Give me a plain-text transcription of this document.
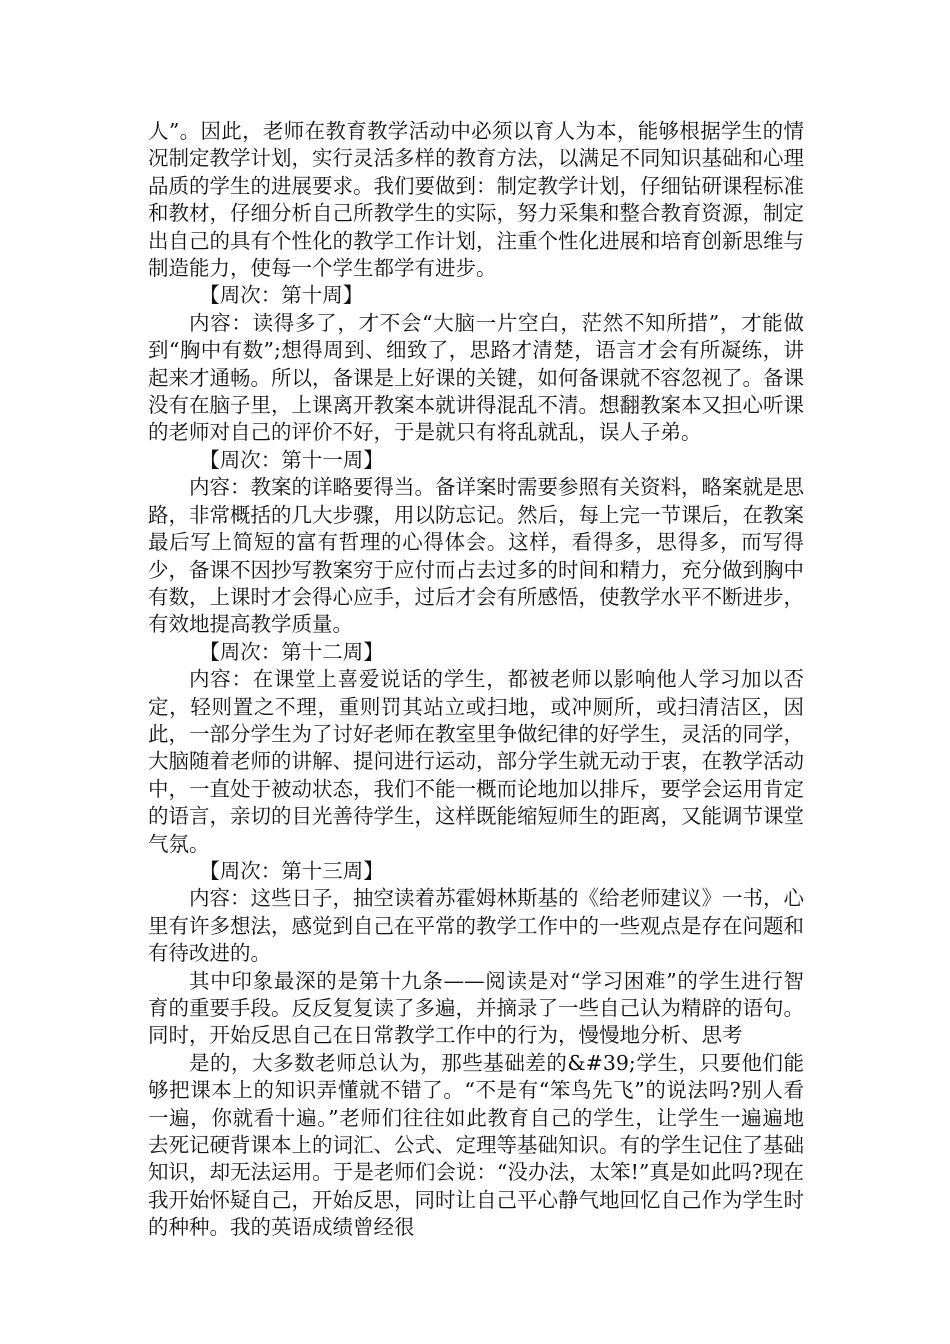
人”。因此，老师在教育教学活动中必须以育人为本，能够根据学生的情况制定教学计划，实行灵活多样的教育方法，以满足不同知识基础和心理品质的学生的进展要求。我们要做到：制定教学计划，仔细钻研课程标准和教材，仔细分析自己所教学生的实际，努力采集和整合教育资源，制定出自己的具有个性化的教学工作计划，注重个性化进展和培育创新思维与制造能力，使每一个学生都学有进步。

【周次：第十周】

内容：读得多了，才不会“大脑一片空白，茫然不知所措”，才能做到“胸中有数”;想得周到、细致了，思路才清楚，语言才会有所凝练，讲起来才通畅。所以，备课是上好课的关键，如何备课就不容忽视了。备课没有在脑子里，上课离开教案本就讲得混乱不清。想翻教案本又担心听课的老师对自己的评价不好，于是就只有将乱就乱，误人子弟。

【周次：第十一周】

内容：教案的详略要得当。备详案时需要参照有关资料，略案就是思路，非常概括的几大步骤，用以防忘记。然后，每上完一节课后，在教案最后写上简短的富有哲理的心得体会。这样，看得多，思得多，而写得少，备课不因抄写教案穷于应付而占去过多的时间和精力，充分做到胸中有数，上课时才会得心应手，过后才会有所感悟，使教学水平不断进步，有效地提高教学质量。

【周次：第十二周】

内容：在课堂上喜爱说话的学生，都被老师以影响他人学习加以否定，轻则置之不理，重则罚其站立或扫地，或冲厕所，或扫清洁区，因此，一部分学生为了讨好老师在教室里争做纪律的好学生，灵活的同学，大脑随着老师的讲解、提问进行运动，部分学生就无动于衷，在教学活动中，一直处于被动状态，我们不能一概而论地加以排斥，要学会运用肯定的语言，亲切的目光善待学生，这样既能缩短师生的距离，又能调节课堂气氛。

【周次：第十三周】

内容：这些日子，抽空读着苏霍姆林斯基的《给老师建议》一书，心里有许多想法，感觉到自己在平常的教学工作中的一些观点是存在问题和有待改进的。

其中印象最深的是第十九条——阅读是对“学习困难”的学生进行智育的重要手段。反反复复读了多遍，并摘录了一些自己认为精辟的语句。同时，开始反思自己在日常教学工作中的行为，慢慢地分析、思考

是的，大多数老师总认为，那些基础差的&#39;学生，只要他们能够把课本上的知识弄懂就不错了。“不是有“笨鸟先飞”的说法吗?别人看一遍，你就看十遍。”老师们往往如此教育自己的学生，让学生一遍遍地去死记硬背课本上的词汇、公式、定理等基础知识。有的学生记住了基础知识，却无法运用。于是老师们会说：“没办法，太笨!”真是如此吗?现在我开始怀疑自己，开始反思，同时让自己平心静气地回忆自己作为学生时的种种。我的英语成绩曾经很
